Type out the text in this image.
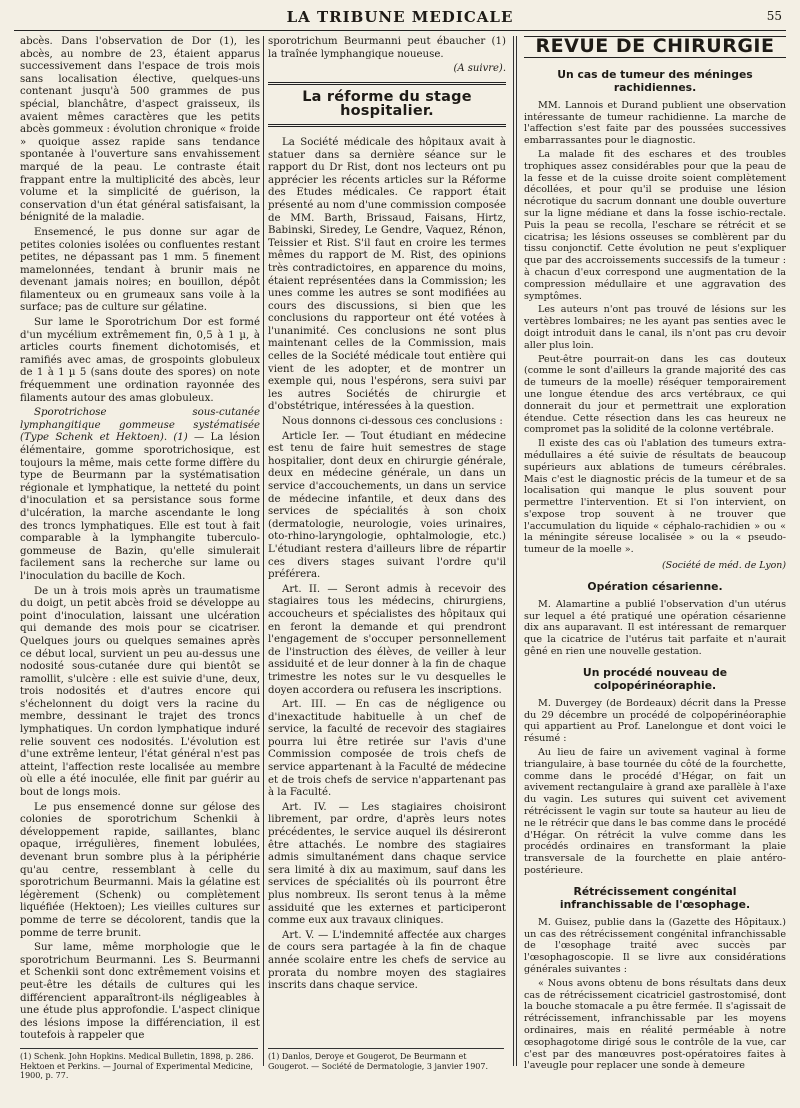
LA TRIBUNE MEDICALE	55

abcès. Dans l'observation de Dor (1), les abcès, au nombre de 23, étaient apparus successivement dans l'espace de trois mois sans localisation élective, quelques-uns contenant jusqu'à 500 grammes de pus spécial, blanchâtre, d'aspect graisseux, ils avaient mêmes caractères que les petits abcès gommeux : évolution chronique « froide » quoique assez rapide sans tendance spontanée à l'ouverture sans envahissement marqué de la peau. Le contraste était frappant entre la multiplicité des abcès, leur volume et la simplicité de guérison, la conservation d'un état général satisfaisant, la bénignité de la maladie.

Ensemencé, le pus donne sur agar de petites colonies isolées ou confluentes restant petites, ne dépassant pas 1 mm. 5 finement mamelonnées, tendant à brunir mais ne devenant jamais noires; en bouillon, dépôt filamenteux ou en grumeaux sans voile à la surface; pas de culture sur gélatine.

Sur lame le Sporotrichum Dor est formé d'un mycélium extrêmement fin, 0,5 à 1 µ, à articles courts finement dichotomisés, et ramifiés avec amas, de grospoints globuleux de 1 à 1 µ 5 (sans doute des spores) on note fréquemment une ordination rayonnée des filaments autour des amas globuleux.

Sporotrichose sous-cutanée lymphangitique gommeuse systématisée (Type Schenk et Hektoen). (1) — La lésion élémentaire, gomme sporotrichosique, est toujours la même, mais cette forme diffère du type de Beurmann par la systématisation régionale et lymphatique, la netteté du point d'inoculation et sa persistance sous forme d'ulcération, la marche ascendante le long des troncs lymphatiques. Elle est tout à fait comparable à la lymphangite tuberculo-gommeuse de Bazin, qu'elle simulerait facilement sans la recherche sur lame ou l'inoculation du bacille de Koch.

De un à trois mois après un traumatisme du doigt, un petit abcès froid se développe au point d'inoculation, laissant une ulcération qui demande des mois pour se cicatriser. Quelques jours ou quelques semaines après ce début local, survient un peu au-dessus une nodosité sous-cutanée dure qui bientôt se ramollit, s'ulcère : elle est suivie d'une, deux, trois nodosités et d'autres encore qui s'échelonnent du doigt vers la racine du membre, dessinant le trajet des troncs lymphatiques. Un cordon lymphatique induré relie souvent ces nodosités. L'évolution est d'une extrême lenteur, l'état général n'est pas atteint, l'affection reste localisée au membre où elle a été inoculée, elle finit par guérir au bout de longs mois.

Le pus ensemencé donne sur gélose des colonies de sporotrichum Schenkii à développement rapide, saillantes, blanc opaque, irrégulières, finement lobulées, devenant brun sombre plus à la périphérie qu'au centre, ressemblant à celle du sporotrichum Beurmanni. Mais la gélatine est légèrement (Schenk) ou complètement liquéfiée (Hektoen); Les vieilles cultures sur pomme de terre se décolorent, tandis que la pomme de terre brunit.

Sur lame, même morphologie que le sporotrichum Beurmanni. Les S. Beurmanni et Schenkii sont donc extrêmement voisins et peut-être les détails de cultures qui les différencient apparaîtront-ils négligeables à une étude plus approfondie. L'aspect clinique des lésions impose la différenciation, il est toutefois à rappeler que

sporotrichum Beurmanni peut ébaucher (1) la traînée lymphangique noueuse.

(A suivre).
La réforme du stage hospitalier.

La Société médicale des hôpitaux avait à statuer dans sa dernière séance sur le rapport du Dr Rist, dont nos lecteurs ont pu apprécier les récents articles sur la Réforme des Etudes médicales. Ce rapport était présenté au nom d'une commission composée de MM. Barth, Brissaud, Faisans, Hirtz, Babinski, Siredey, Le Gendre, Vaquez, Rénon, Teissier et Rist. S'il faut en croire les termes mêmes du rapport de M. Rist, des opinions très contradictoires, en apparence du moins, étaient représentées dans la Commission; les unes comme les autres se sont modifiées au cours des discussions, si bien que les conclusions du rapporteur ont été votées à l'unanimité. Ces conclusions ne sont plus maintenant celles de la Commission, mais celles de la Société médicale tout entière qui vient de les adopter, et de montrer un exemple qui, nous l'espérons, sera suivi par les autres Sociétés de chirurgie et d'obstétrique, intéressées à la question.

Nous donnons ci-dessous ces conclusions :

Article Ier. — Tout étudiant en médecine est tenu de faire huit semestres de stage hospitalier, dont deux en chirurgie générale, deux en médecine générale, un dans un service d'accouchements, un dans un service de médecine infantile, et deux dans des services de spécialités à son choix (dermatologie, neurologie, voies urinaires, oto-rhino-laryngologie, ophtalmologie, etc.) L'étudiant restera d'ailleurs libre de répartir ces divers stages suivant l'ordre qu'il préférera.

Art. II. — Seront admis à recevoir des stagiaires tous les médecins, chirurgiens, accoucheurs et spécialistes des hôpitaux qui en feront la demande et qui prendront l'engagement de s'occuper personnellement de l'instruction des élèves, de veiller à leur assiduité et de leur donner à la fin de chaque trimestre les notes sur le vu desquelles le doyen accordera ou refusera les inscriptions.

Art. III. — En cas de négligence ou d'inexactitude habituelle à un chef de service, la faculté de recevoir des stagiaires pourra lui être retirée sur l'avis d'une Commission composée de trois chefs de service appartenant à la Faculté de médecine et de trois chefs de service n'appartenant pas à la Faculté.

Art. IV. — Les stagiaires choisiront librement, par ordre, d'après leurs notes précédentes, le service auquel ils désireront être attachés. Le nombre des stagiaires admis simultanément dans chaque service sera limité à dix au maximum, sauf dans les services de spécialités où ils pourront être plus nombreux. Ils seront tenus à la même assiduité que les externes et participeront comme eux aux travaux cliniques.

Art. V. — L'indemnité affectée aux charges de cours sera partagée à la fin de chaque année scolaire entre les chefs de service au prorata du nombre moyen des stagiaires inscrits dans chaque service.

REVUE DE CHIRURGIE
Un cas de tumeur des méninges rachidiennes.

MM. Lannois et Durand publient une observation intéressante de tumeur rachidienne. La marche de l'affection s'est faite par des poussées successives embarrassantes pour le diagnostic.

La malade fit des eschares et des troubles trophiques assez considérables pour que la peau de la fesse et de la cuisse droite soient complètement décollées, et pour qu'il se produise une lésion nécrotique du sacrum donnant une double ouverture sur la ligne médiane et dans la fosse ischio-rectale. Puis la peau se recolla, l'eschare se rétrécit et se cicatrisa; les lésions osseuses se comblèrent par du tissu conjonctif. Cette évolution ne peut s'expliquer que par des accroissements successifs de la tumeur : à chacun d'eux correspond une augmentation de la compression médullaire et une aggravation des symptômes.

Les auteurs n'ont pas trouvé de lésions sur les vertèbres lombaires; ne les ayant pas senties avec le doigt introduit dans le canal, ils n'ont pas cru devoir aller plus loin.

Peut-être pourrait-on dans les cas douteux (comme le sont d'ailleurs la grande majorité des cas de tumeurs de la moelle) réséquer temporairement une longue étendue des arcs vertébraux, ce qui donnerait du jour et permettrait une exploration étendue. Cette résection dans les cas heureux ne compromet pas la solidité de la colonne vertébrale.

Il existe des cas où l'ablation des tumeurs extra-médullaires a été suivie de résultats de beaucoup supérieurs aux ablations de tumeurs cérébrales. Mais c'est le diagnostic précis de la tumeur et de sa localisation qui manque le plus souvent pour permettre l'intervention. Et si l'on intervient, on s'expose trop souvent à ne trouver que l'accumulation du liquide « céphalo-rachidien » ou « la méningite séreuse localisée » ou la « pseudo-tumeur de la moelle ».

(Société de méd. de Lyon)
Opération césarienne.

M. Alamartine a publié l'observation d'un utérus sur lequel a été pratiqué une opération césarienne dix ans auparavant. Il est intéressant de remarquer que la cicatrice de l'utérus tait parfaite et n'aurait gêné en rien une nouvelle gestation.

Un procédé nouveau de colpopérinéoraphie.

M. Duvergey (de Bordeaux) décrit dans la Presse du 29 décembre un procédé de colpopérinéoraphie qui appartient au Prof. Lanelongue et dont voici le résumé :

Au lieu de faire un avivement vaginal à forme triangulaire, à base tournée du côté de la fourchette, comme dans le procédé d'Hégar, on fait un avivement rectangulaire à grand axe parallèle à l'axe du vagin. Les sutures qui suivent cet avivement rétrécissent le vagin sur toute sa hauteur au lieu de ne le rétrécir que dans le bas comme dans le procédé d'Hégar. On rétrécit la vulve comme dans les procédés ordinaires en transformant la plaie transversale de la fourchette en plaie antéro-postérieure.

Rétrécissement congénital infranchissable de l'œsophage.

M. Guisez, publie dans la (Gazette des Hôpitaux.) un cas des rétrécissement congénital infranchissable de l'œsophage traité avec succès par l'œsophagoscopie. Il se livre aux considérations générales suivantes :

« Nous avons obtenu de bons résultats dans deux cas de rétrécissement cicatriciel gastrostomisé, dont la bouche stomacale a pu être fermée. Il s'agissait de rétrécissement, infranchissable par les moyens ordinaires, mais en réalité perméable à notre œsophagotome dirigé sous le contrôle de la vue, car c'est par des manœuvres post-opératoires faites à l'aveugle pour replacer une sonde à demeure

(1) Schenk. John Hopkins. Medical Bulletin, 1898, p. 286. Hektoen et Perkins. — Journal of Experimental Medicine, 1900, p. 77.

(1) Danlos, Deroye et Gougerot, De Beurmann et Gougerot. — Société de Dermatologie, 3 janvier 1907.
